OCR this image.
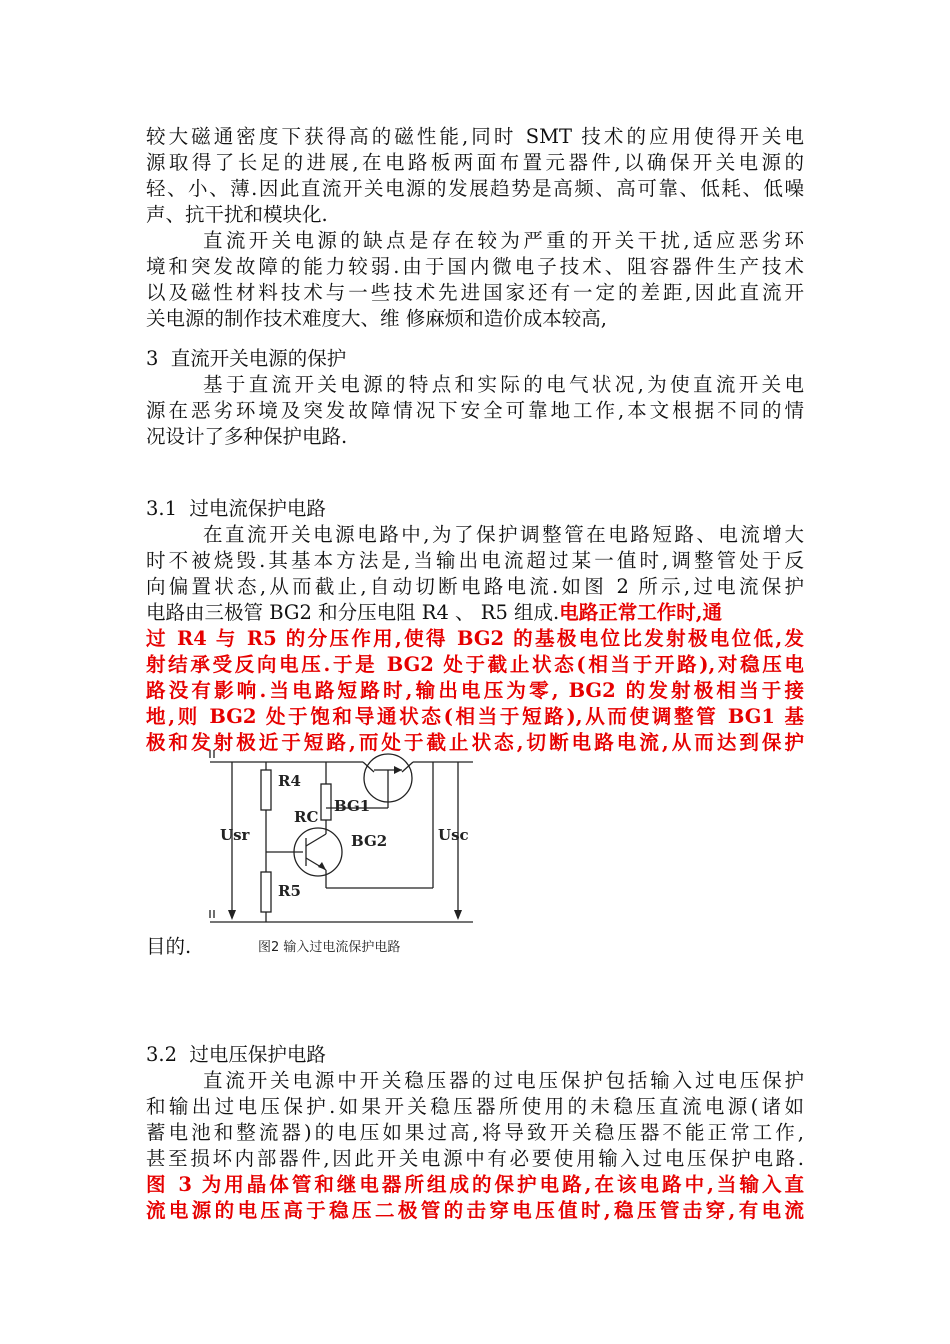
较大磁通密度下获得高的磁性能,同时 SMT 技术的应用使得开关电
源取得了长足的进展,在电路板两面布置元器件,以确保开关电源的
轻、小、薄.因此直流开关电源的发展趋势是高频、高可靠、低耗、低噪
声、抗干扰和模块化.
直流开关电源的缺点是存在较为严重的开关干扰,适应恶劣环
境和突发故障的能力较弱.由于国内微电子技术、阻容器件生产技术
以及磁性材料技术与一些技术先进国家还有一定的差距,因此直流开
关电源的制作技术难度大、维 修麻烦和造价成本较高,
3  直流开关电源的保护
基于直流开关电源的特点和实际的电气状况,为使直流开关电
源在恶劣环境及突发故障情况下安全可靠地工作,本文根据不同的情
况设计了多种保护电路.
3.1  过电流保护电路
在直流开关电源电路中,为了保护调整管在电路短路、电流增大
时不被烧毁.其基本方法是,当输出电流超过某一值时,调整管处于反
向偏置状态,从而截止,自动切断电路电流.如图 2 所示,过电流保护
电路由三极管 BG2 和分压电阻 R4 、 R5 组成.电路正常工作时,通
过 R4 与 R5 的分压作用,使得 BG2 的基极电位比发射极电位低,发
射结承受反向电压.于是 BG2 处于截止状态(相当于开路),对稳压电
路没有影响.当电路短路时,输出电压为零, BG2 的发射极相当于接
地,则 BG2 处于饱和导通状态(相当于短路),从而使调整管 BG1 基
极和发射极近于短路,而处于截止状态,切断电路电流,从而达到保护
3.2  过电压保护电路
直流开关电源中开关稳压器的过电压保护包括输入过电压保护
和输出过电压保护.如果开关稳压器所使用的未稳压直流电源(诸如
蓄电池和整流器)的电压如果过高,将导致开关稳压器不能正常工作,
甚至损坏内部器件,因此开关电源中有必要使用输入过电压保护电路.
图 3 为用晶体管和继电器所组成的保护电路,在该电路中,当输入直
流电源的电压高于稳压二极管的击穿电压值时,稳压管击穿,有电流
目的.
R4
BG1
RC
BG2
Usr	Usc
R5
图2 输入过电流保护电路
